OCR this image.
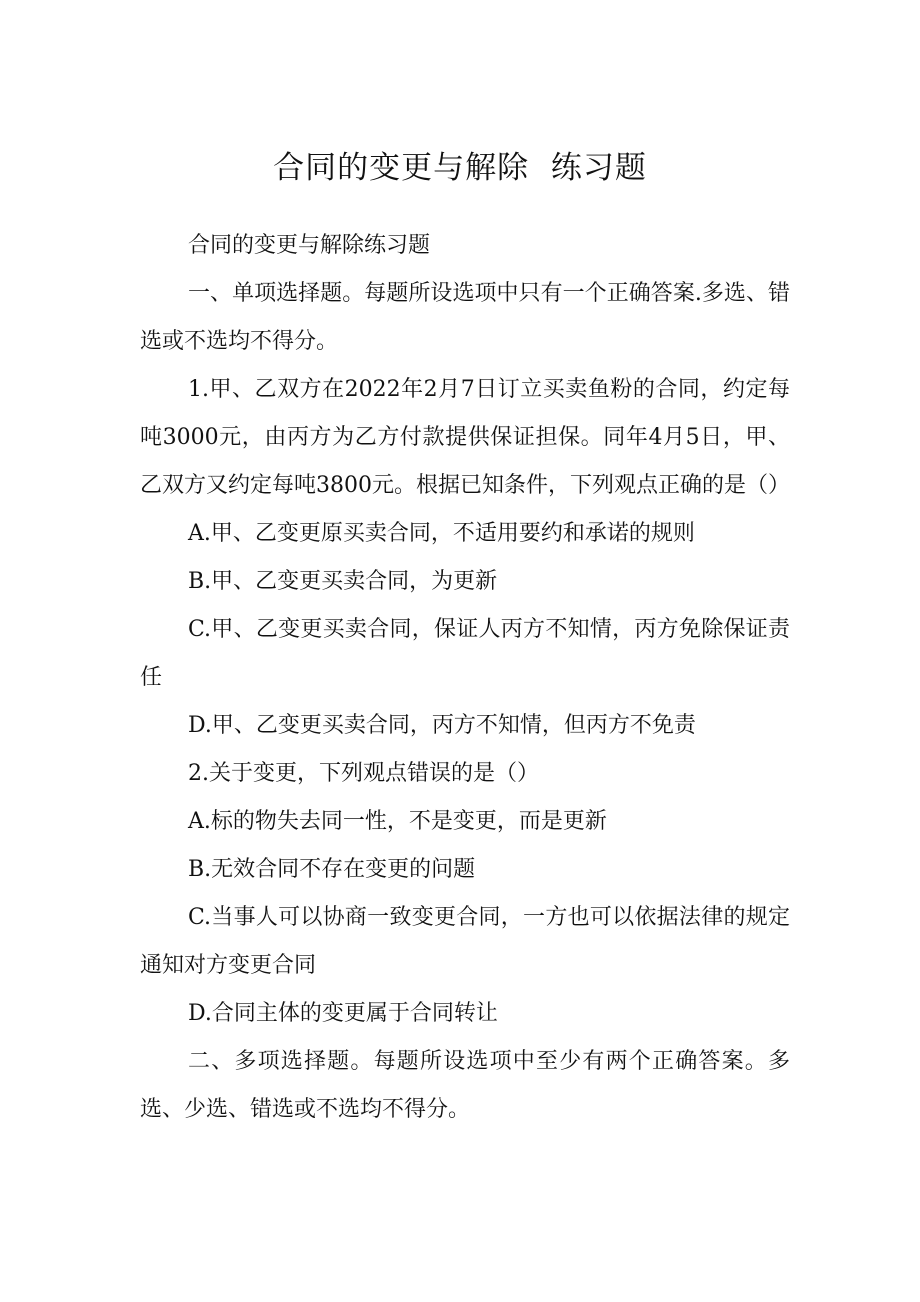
合同的变更与解除  练习题

合同的变更与解除练习题

一、单项选择题。每题所设选项中只有一个正确答案.多选、错选或不选均不得分。

1.甲、乙双方在2022年2月7日订立买卖鱼粉的合同，约定每吨3000元，由丙方为乙方付款提供保证担保。同年4月5日，甲、乙双方又约定每吨3800元。根据已知条件，下列观点正确的是（）

A.甲、乙变更原买卖合同，不适用要约和承诺的规则

B.甲、乙变更买卖合同，为更新

C.甲、乙变更买卖合同，保证人丙方不知情，丙方免除保证责任

D.甲、乙变更买卖合同，丙方不知情，但丙方不免责

2.关于变更，下列观点错误的是（）

A.标的物失去同一性，不是变更，而是更新

B.无效合同不存在变更的问题

C.当事人可以协商一致变更合同，一方也可以依据法律的规定通知对方变更合同

D.合同主体的变更属于合同转让

二、多项选择题。每题所设选项中至少有两个正确答案。多选、少选、错选或不选均不得分。
